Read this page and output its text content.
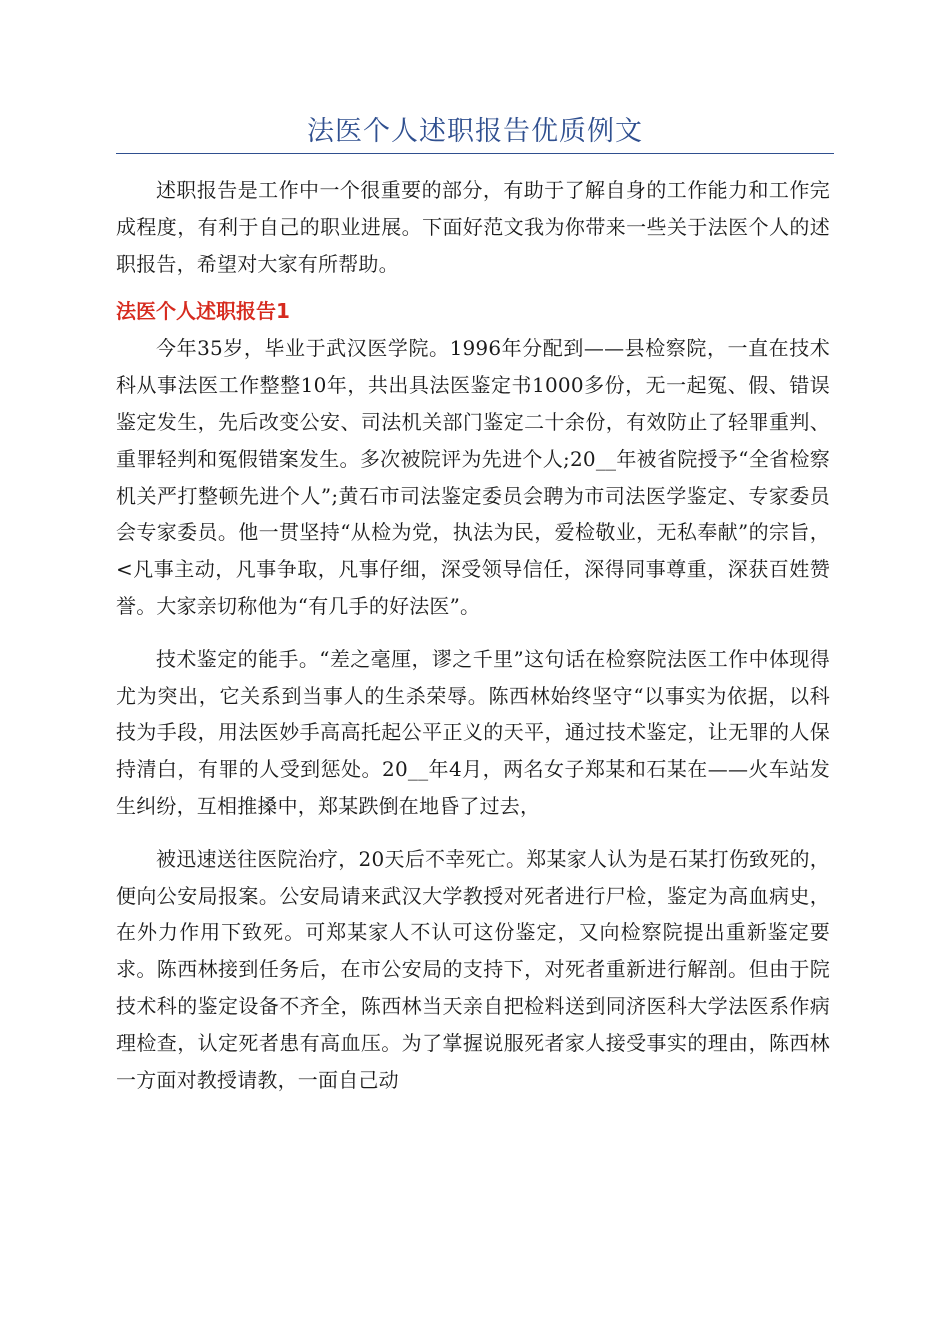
法医个人述职报告优质例文

述职报告是工作中一个很重要的部分，有助于了解自身的工作能力和工作完成程度，有利于自己的职业进展。下面好范文我为你带来一些关于法医个人的述职报告，希望对大家有所帮助。

法医个人述职报告1

今年35岁，毕业于武汉医学院。1996年分配到——县检察院，一直在技术科从事法医工作整整10年，共出具法医鉴定书1000多份，无一起冤、假、错误鉴定发生，先后改变公安、司法机关部门鉴定二十余份，有效防止了轻罪重判、重罪轻判和冤假错案发生。多次被院评为先进个人;20__年被省院授予“全省检察机关严打整顿先进个人”;黄石市司法鉴定委员会聘为市司法医学鉴定、专家委员会专家委员。他一贯坚持“从检为党，执法为民，爱检敬业，无私奉献”的宗旨，<凡事主动，凡事争取，凡事仔细，深受领导信任，深得同事尊重，深获百姓赞誉。大家亲切称他为“有几手的好法医”。

技术鉴定的能手。“差之毫厘，谬之千里”这句话在检察院法医工作中体现得尤为突出，它关系到当事人的生杀荣辱。陈西林始终坚守“以事实为依据，以科技为手段，用法医妙手高高托起公平正义的天平，通过技术鉴定，让无罪的人保持清白，有罪的人受到惩处。20__年4月，两名女子郑某和石某在——火车站发生纠纷，互相推搡中，郑某跌倒在地昏了过去，

被迅速送往医院治疗，20天后不幸死亡。郑某家人认为是石某打伤致死的，便向公安局报案。公安局请来武汉大学教授对死者进行尸检，鉴定为高血病史，在外力作用下致死。可郑某家人不认可这份鉴定，又向检察院提出重新鉴定要求。陈西林接到任务后，在市公安局的支持下，对死者重新进行解剖。但由于院技术科的鉴定设备不齐全，陈西林当天亲自把检料送到同济医科大学法医系作病理检查，认定死者患有高血压。为了掌握说服死者家人接受事实的理由，陈西林一方面对教授请教，一面自己动
